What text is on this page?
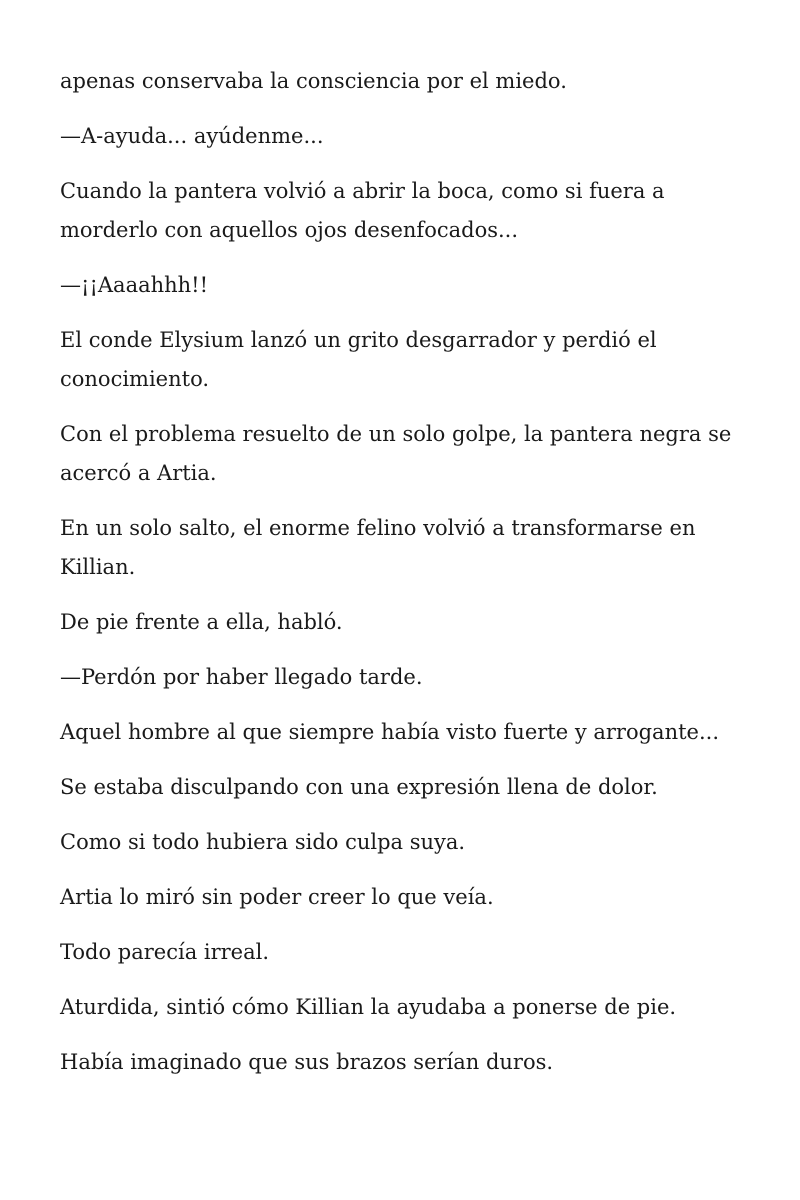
apenas conservaba la consciencia por el miedo.

—A-ayuda... ayúdenme...

Cuando la pantera volvió a abrir la boca, como si fuera a morderlo con aquellos ojos desenfocados...

—¡¡Aaaahhh!!

El conde Elysium lanzó un grito desgarrador y perdió el conocimiento.

Con el problema resuelto de un solo golpe, la pantera negra se acercó a Artia.

En un solo salto, el enorme felino volvió a transformarse en Killian.

De pie frente a ella, habló.

—Perdón por haber llegado tarde.

Aquel hombre al que siempre había visto fuerte y arrogante...

Se estaba disculpando con una expresión llena de dolor.

Como si todo hubiera sido culpa suya.

Artia lo miró sin poder creer lo que veía.

Todo parecía irreal.

Aturdida, sintió cómo Killian la ayudaba a ponerse de pie.

Había imaginado que sus brazos serían duros.
